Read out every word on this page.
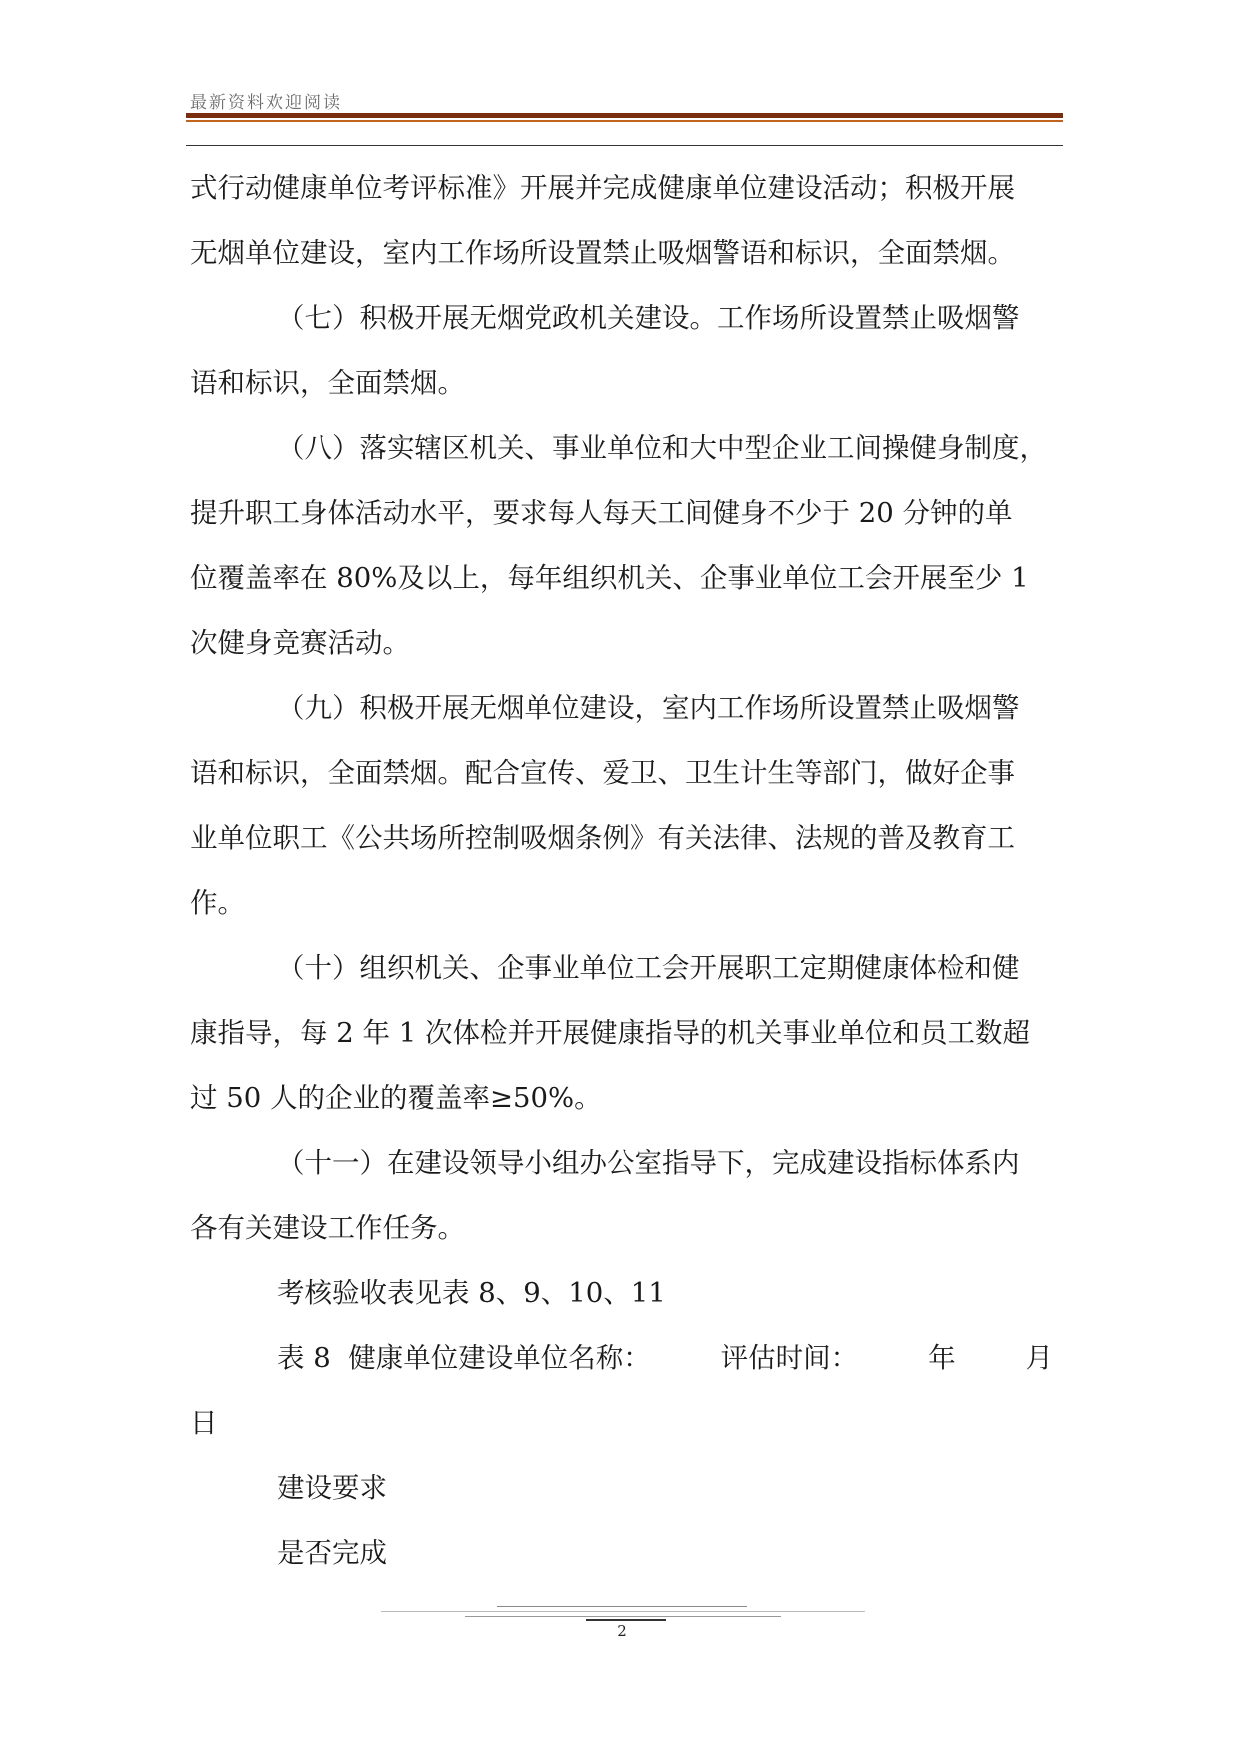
最新资料欢迎阅读

式行动健康单位考评标准》开展并完成健康单位建设活动；积极开展

无烟单位建设，室内工作场所设置禁止吸烟警语和标识，全面禁烟。

（七）积极开展无烟党政机关建设。工作场所设置禁止吸烟警

语和标识，全面禁烟。

（八）落实辖区机关、事业单位和大中型企业工间操健身制度，

提升职工身体活动水平，要求每人每天工间健身不少于 20 分钟的单

位覆盖率在 80%及以上，每年组织机关、企事业单位工会开展至少 1

次健身竞赛活动。

（九）积极开展无烟单位建设，室内工作场所设置禁止吸烟警

语和标识，全面禁烟。配合宣传、爱卫、卫生计生等部门，做好企事

业单位职工《公共场所控制吸烟条例》有关法律、法规的普及教育工

作。

（十）组织机关、企事业单位工会开展职工定期健康体检和健

康指导，每 2 年 1 次体检并开展健康指导的机关事业单位和员工数超

过 50 人的企业的覆盖率≥50%。

（十一）在建设领导小组办公室指导下，完成建设指标体系内

各有关建设工作任务。

考核验收表见表 8、9、10、11

表 8  健康单位建设单位名称：        评估时间：        年        月

日

建设要求

是否完成

2
